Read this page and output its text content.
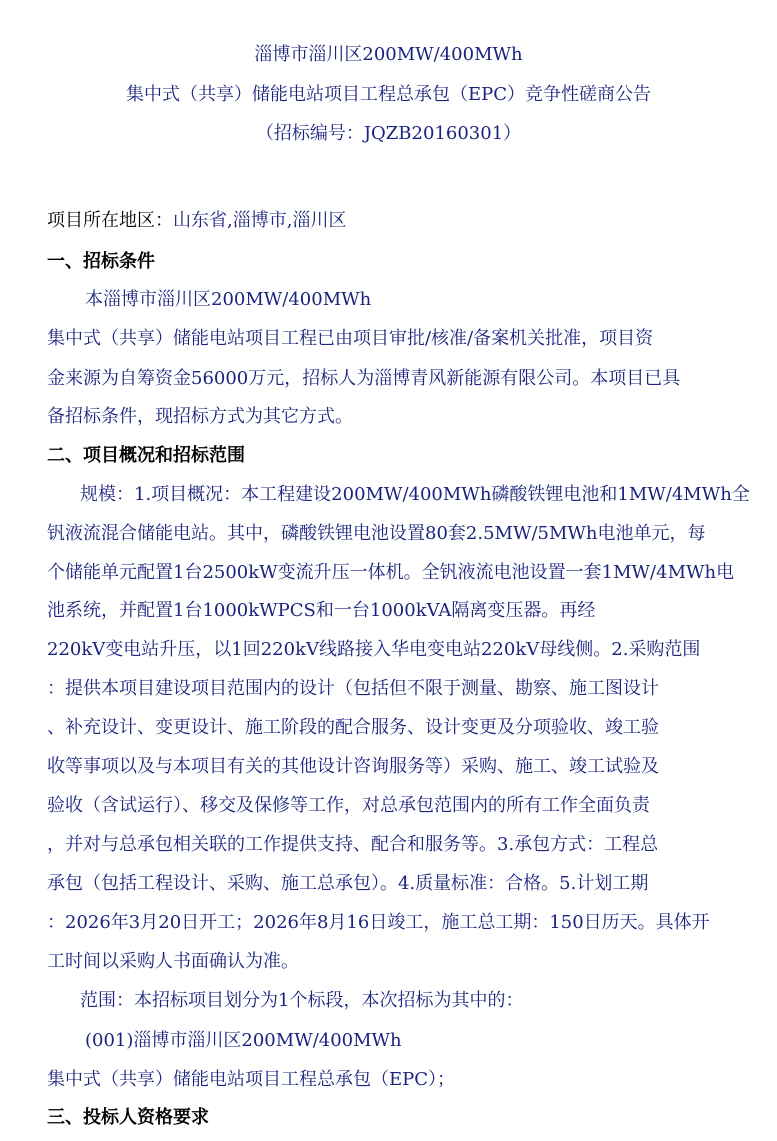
淄博市淄川区200MW/400MWh
集中式（共享）储能电站项目工程总承包（EPC）竞争性磋商公告
（招标编号：JQZB20160301）
项目所在地区：山东省,淄博市,淄川区
一、招标条件
本淄博市淄川区200MW/400MWh
集中式（共享）储能电站项目工程已由项目审批/核准/备案机关批准，项目资
金来源为自筹资金56000万元，招标人为淄博青风新能源有限公司。本项目已具
备招标条件，现招标方式为其它方式。
二、项目概况和招标范围
规模：1.项目概况：本工程建设200MW/400MWh磷酸铁锂电池和1MW/4MWh全
钒液流混合储能电站。其中，磷酸铁锂电池设置80套2.5MW/5MWh电池单元，每
个储能单元配置1台2500kW变流升压一体机。全钒液流电池设置一套1MW/4MWh电
池系统，并配置1台1000kWPCS和一台1000kVA隔离变压器。再经
220kV变电站升压，以1回220kV线路接入华电变电站220kV母线侧。2.采购范围
：提供本项目建设项目范围内的设计（包括但不限于测量、勘察、施工图设计
、补充设计、变更设计、施工阶段的配合服务、设计变更及分项验收、竣工验
收等事项以及与本项目有关的其他设计咨询服务等）采购、施工、竣工试验及
验收（含试运行）、移交及保修等工作，对总承包范围内的所有工作全面负责
，并对与总承包相关联的工作提供支持、配合和服务等。3.承包方式：工程总
承包（包括工程设计、采购、施工总承包）。4.质量标准：合格。5.计划工期
：2026年3月20日开工；2026年8月16日竣工，施工总工期：150日历天。具体开
工时间以采购人书面确认为准。
范围：本招标项目划分为1个标段，本次招标为其中的：
(001)淄博市淄川区200MW/400MWh
集中式（共享）储能电站项目工程总承包（EPC）；
三、投标人资格要求
